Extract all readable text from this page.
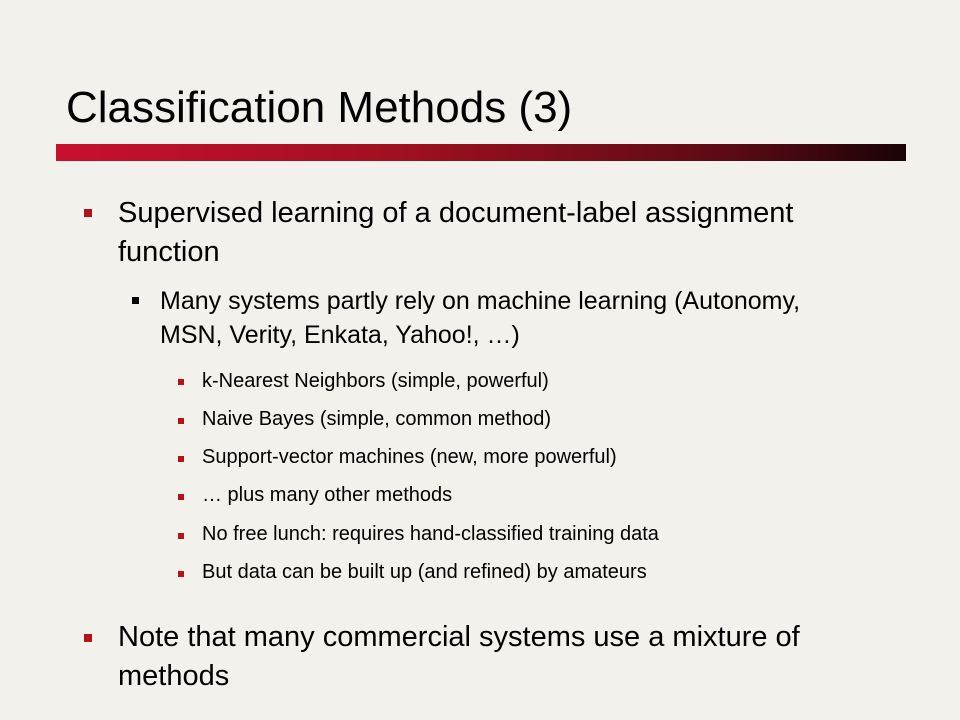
Classification Methods (3)

Supervised learning of a document-label assignment function

Many systems partly rely on machine learning (Autonomy, MSN, Verity, Enkata, Yahoo!, …)

k-Nearest Neighbors (simple, powerful)

Naive Bayes (simple, common method)

Support-vector machines (new, more powerful)

… plus many other methods

No free lunch: requires hand-classified training data

But data can be built up (and refined) by amateurs

Note that many commercial systems use a mixture of methods
